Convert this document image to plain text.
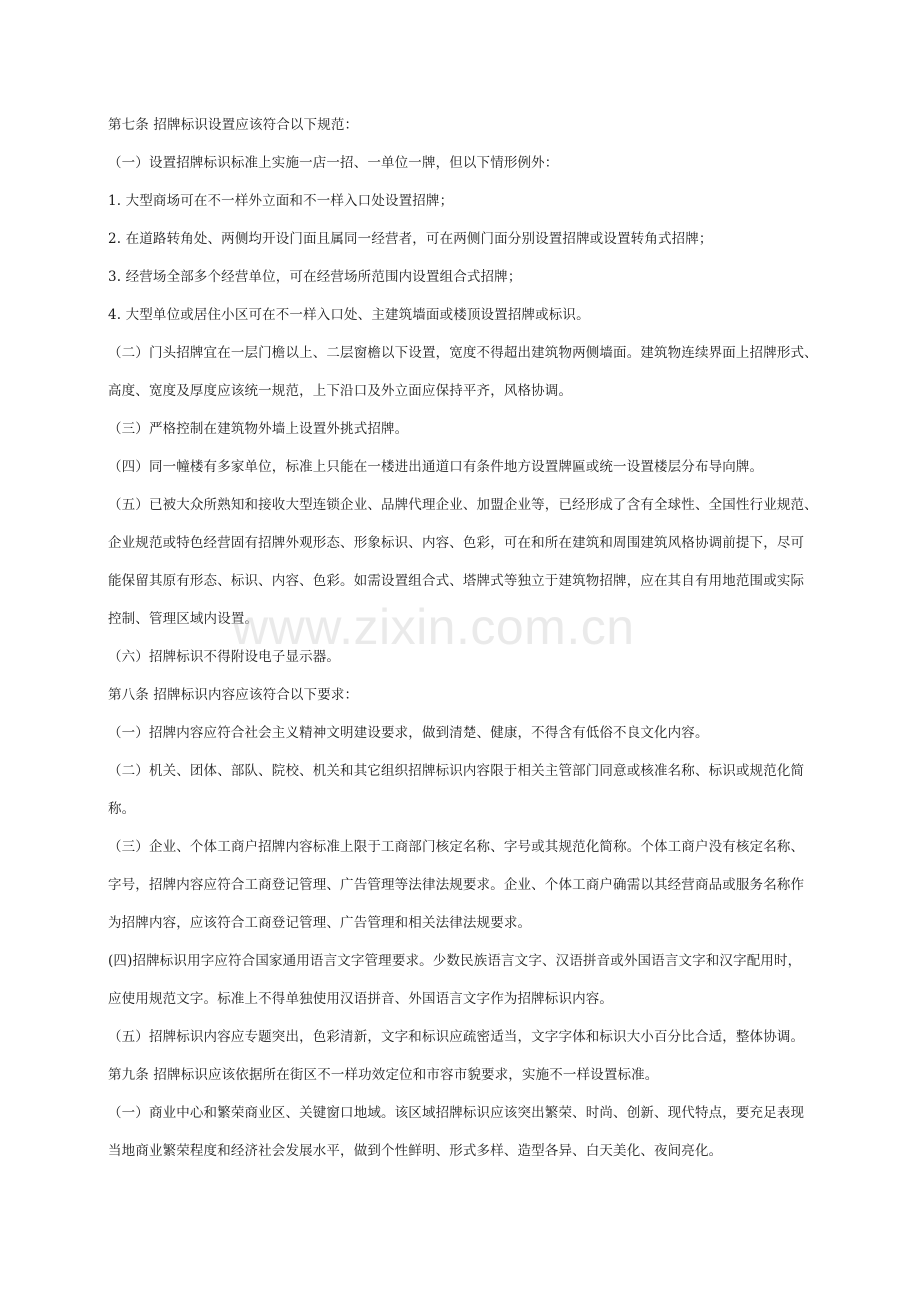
第七条 招牌标识设置应该符合以下规范：
（一）设置招牌标识标准上实施一店一招、一单位一牌，但以下情形例外：
1. 大型商场可在不一样外立面和不一样入口处设置招牌；
2. 在道路转角处、两侧均开设门面且属同一经营者，可在两侧门面分别设置招牌或设置转角式招牌；
3. 经营场全部多个经营单位，可在经营场所范围内设置组合式招牌；
4. 大型单位或居住小区可在不一样入口处、主建筑墙面或楼顶设置招牌或标识。
（二）门头招牌宜在一层门檐以上、二层窗檐以下设置，宽度不得超出建筑物两侧墙面。建筑物连续界面上招牌形式、
高度、宽度及厚度应该统一规范，上下沿口及外立面应保持平齐，风格协调。
（三）严格控制在建筑物外墙上设置外挑式招牌。
（四）同一幢楼有多家单位，标准上只能在一楼进出通道口有条件地方设置牌匾或统一设置楼层分布导向牌。
（五）已被大众所熟知和接收大型连锁企业、品牌代理企业、加盟企业等，已经形成了含有全球性、全国性行业规范、
企业规范或特色经营固有招牌外观形态、形象标识、内容、色彩，可在和所在建筑和周围建筑风格协调前提下，尽可
能保留其原有形态、标识、内容、色彩。如需设置组合式、塔牌式等独立于建筑物招牌，应在其自有用地范围或实际
控制、管理区域内设置。
（六）招牌标识不得附设电子显示器。
第八条 招牌标识内容应该符合以下要求：
（一）招牌内容应符合社会主义精神文明建设要求，做到清楚、健康，不得含有低俗不良文化内容。
（二）机关、团体、部队、院校、机关和其它组织招牌标识内容限于相关主管部门同意或核准名称、标识或规范化简
称。
（三）企业、个体工商户招牌内容标准上限于工商部门核定名称、字号或其规范化简称。个体工商户没有核定名称、
字号，招牌内容应符合工商登记管理、广告管理等法律法规要求。企业、个体工商户确需以其经营商品或服务名称作
为招牌内容，应该符合工商登记管理、广告管理和相关法律法规要求。
(四)招牌标识用字应符合国家通用语言文字管理要求。少数民族语言文字、汉语拼音或外国语言文字和汉字配用时，
应使用规范文字。标准上不得单独使用汉语拼音、外国语言文字作为招牌标识内容。
（五）招牌标识内容应专题突出，色彩清新，文字和标识应疏密适当，文字字体和标识大小百分比合适，整体协调。
第九条 招牌标识应该依据所在街区不一样功效定位和市容市貌要求，实施不一样设置标准。
（一）商业中心和繁荣商业区、关键窗口地域。该区域招牌标识应该突出繁荣、时尚、创新、现代特点，要充足表现
当地商业繁荣程度和经济社会发展水平，做到个性鲜明、形式多样、造型各异、白天美化、夜间亮化。

www.zixin.com.cn
